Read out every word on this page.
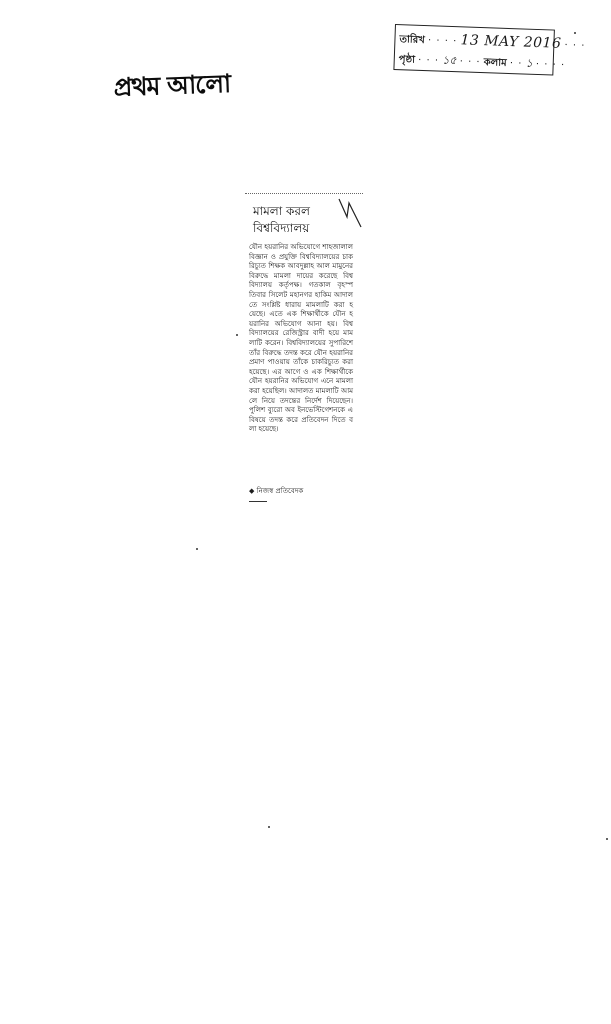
প্রথম আলো
তারিখ · · · · 13 MAY 2016 · · ·
পৃষ্ঠা · · · ১৫ · · · কলাম · · ১ · · · ·
মামলা করল
বিশ্ববিদ্যালয়
যৌন হয়রানির অভিযোগে শাহজালাল বিজ্ঞান ও প্রযুক্তি বিশ্ববিদ্যালয়ের চাকরিচ্যুত শিক্ষক আবদুল্লাহ আল মামুনের বিরুদ্ধে মামলা দায়ের করেছে বিশ্ববিদ্যালয় কর্তৃপক্ষ। গতকাল বৃহস্পতিবার সিলেট মহানগর হাকিম আদালতে সংশ্লিষ্ট ধারায় মামলাটি করা হয়েছে। এতে এক শিক্ষার্থীকে যৌন হয়রানির অভিযোগ আনা হয়। বিশ্ববিদ্যালয়ের রেজিস্ট্রার বাদী হয়ে মামলাটি করেন। বিশ্ববিদ্যালয়ের সুপারিশে তাঁর বিরুদ্ধে তদন্ত করে যৌন হয়রানির প্রমাণ পাওয়ায় তাঁকে চাকরিচ্যুত করা হয়েছে। এর আগে ও এক শিক্ষার্থীকে যৌন হয়রানির অভিযোগ এনে মামলা করা হয়েছিল। আদালত মামলাটি আমলে নিয়ে তদন্তের নির্দেশ দিয়েছেন। পুলিশ ব্যুরো অব ইনভেস্টিগেশনকে এ বিষয়ে তদন্ত করে প্রতিবেদন দিতে বলা হয়েছে।
◆ নিজস্ব প্রতিবেদক
